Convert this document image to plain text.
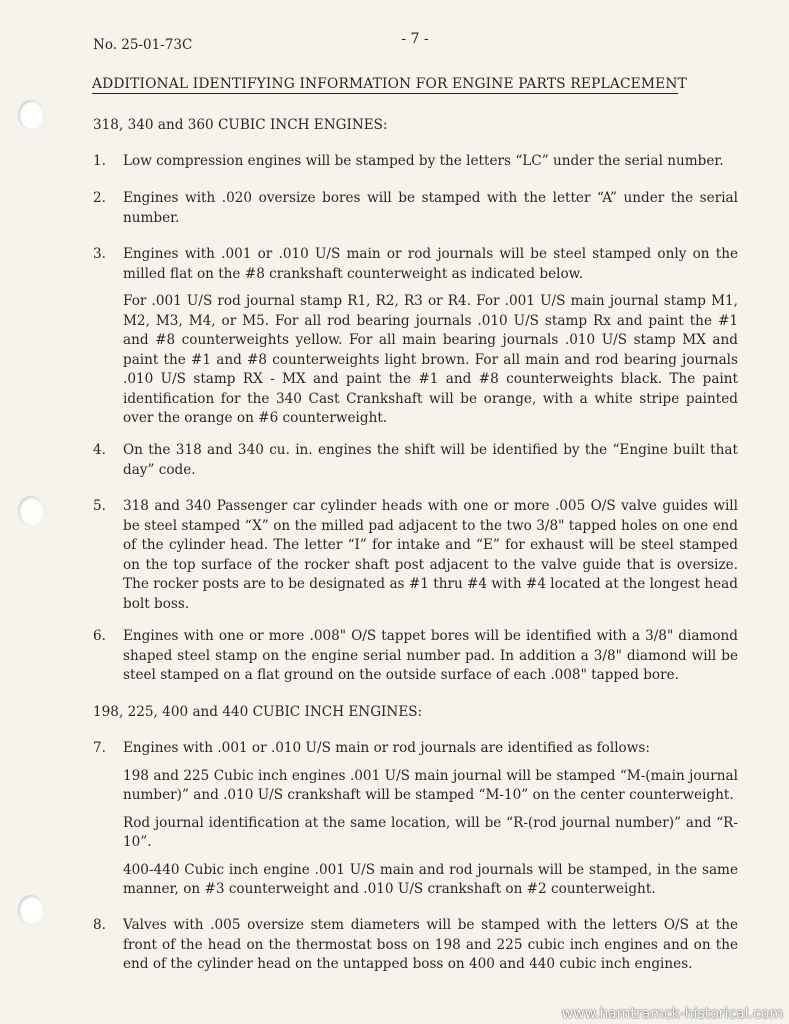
No. 25-01-73C	- 7 -
ADDITIONAL IDENTIFYING INFORMATION FOR ENGINE PARTS REPLACEMENT
318, 340 and 360 CUBIC INCH ENGINES:
1. Low compression engines will be stamped by the letters “LC” under the serial number.

2. Engines with .020 oversize bores will be stamped with the letter “A” under the serial number.

3. Engines with .001 or .010 U/S main or rod journals will be steel stamped only on the milled flat on the #8 crankshaft counterweight as indicated below.

For .001 U/S rod journal stamp R1, R2, R3 or R4. For .001 U/S main journal stamp M1, M2, M3, M4, or M5. For all rod bearing journals .010 U/S stamp Rx and paint the #1 and #8 counterweights yellow. For all main bearing journals .010 U/S stamp MX and paint the #1 and #8 counterweights light brown. For all main and rod bearing journals .010 U/S stamp RX - MX and paint the #1 and #8 counterweights black. The paint identification for the 340 Cast Crankshaft will be orange, with a white stripe painted over the orange on #6 counterweight.

4. On the 318 and 340 cu. in. engines the shift will be identified by the “Engine built that day” code.

5. 318 and 340 Passenger car cylinder heads with one or more .005 O/S valve guides will be steel stamped “X” on the milled pad adjacent to the two 3/8" tapped holes on one end of the cylinder head. The letter “I” for intake and “E” for exhaust will be steel stamped on the top surface of the rocker shaft post adjacent to the valve guide that is oversize. The rocker posts are to be designated as #1 thru #4 with #4 located at the longest head bolt boss.

6. Engines with one or more .008" O/S tappet bores will be identified with a 3/8" diamond shaped steel stamp on the engine serial number pad. In addition a 3/8" diamond will be steel stamped on a flat ground on the outside surface of each .008" tapped bore.

198, 225, 400 and 440 CUBIC INCH ENGINES:
7. Engines with .001 or .010 U/S main or rod journals are identified as follows:

198 and 225 Cubic inch engines .001 U/S main journal will be stamped “M-(main journal number)” and .010 U/S crankshaft will be stamped “M-10” on the center counterweight.

Rod journal identification at the same location, will be “R-(rod journal number)” and “R-10”.

400-440 Cubic inch engine .001 U/S main and rod journals will be stamped, in the same manner, on #3 counterweight and .010 U/S crankshaft on #2 counterweight.

8. Valves with .005 oversize stem diameters will be stamped with the letters O/S at the front of the head on the thermostat boss on 198 and 225 cubic inch engines and on the end of the cylinder head on the untapped boss on 400 and 440 cubic inch engines.

www.hamtramck-historical.com
